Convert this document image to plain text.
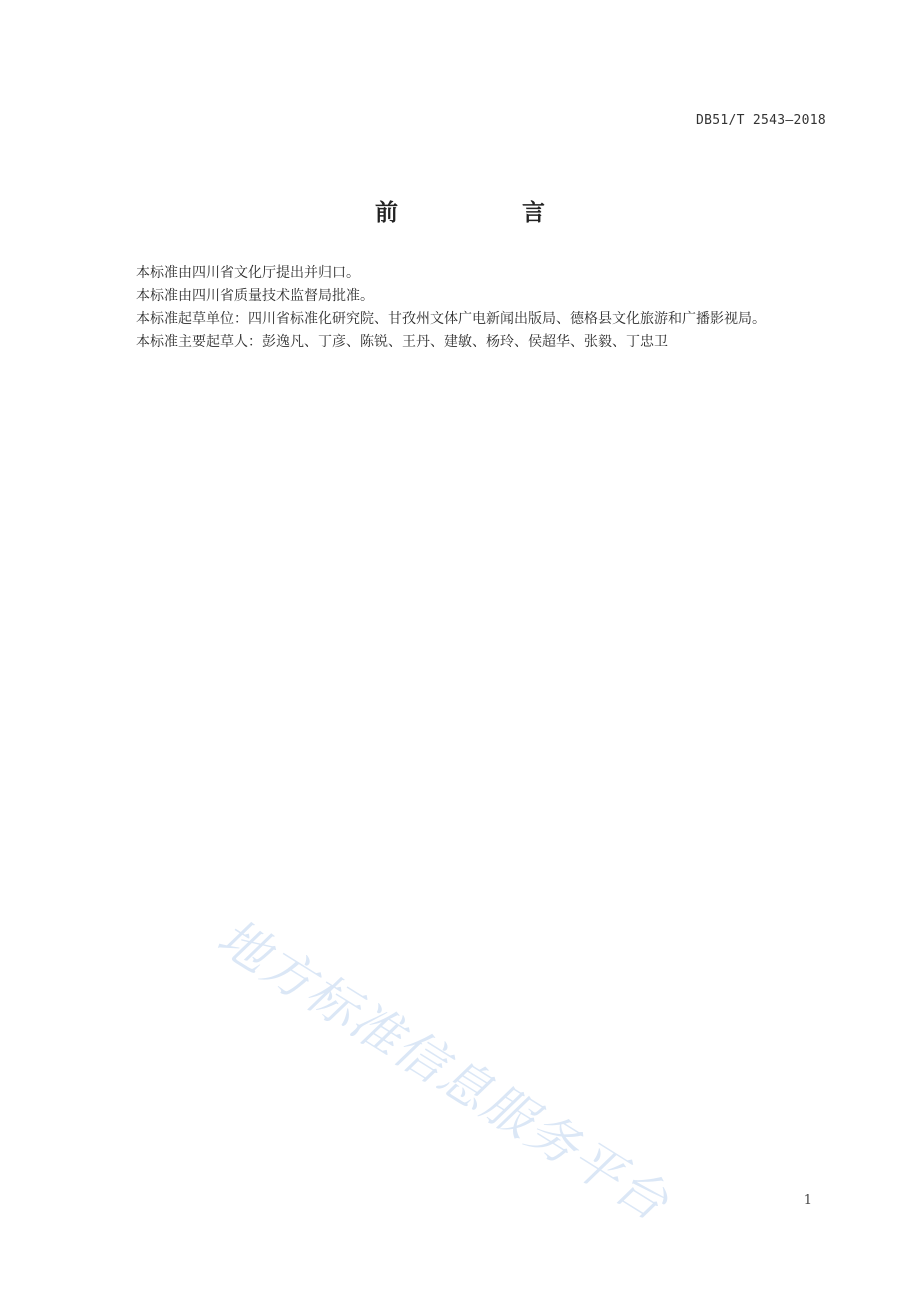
DB51/T 2543—2018
前 言

本标准由四川省文化厅提出并归口。

本标准由四川省质量技术监督局批准。

本标准起草单位：四川省标准化研究院、甘孜州文体广电新闻出版局、德格县文化旅游和广播影视局。

本标准主要起草人：彭逸凡、丁彦、陈锐、王丹、建敏、杨玲、侯超华、张毅、丁忠卫

地方标准信息服务平台	1
